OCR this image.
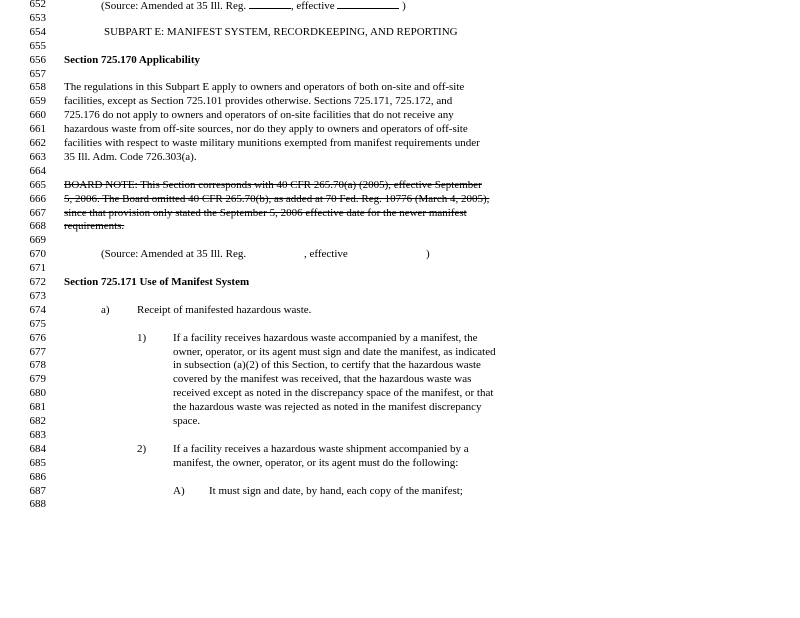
652
653
654
655
656
657
658
659
660
661
662
663
664
665
666
667
668
669
670
671
672
673
674
675
676
677
678
679
680
681
682
683
684
685
686
687
688
(Source: Amended at 35 Ill. Reg.	, effective	)
SUBPART E: MANIFEST SYSTEM, RECORDKEEPING, AND REPORTING
Section 725.170 Applicability
The regulations in this Subpart E apply to owners and operators of both on-site and off-site
facilities, except as Section 725.101 provides otherwise. Sections 725.171, 725.172, and
725.176 do not apply to owners and operators of on-site facilities that do not receive any
hazardous waste from off-site sources, nor do they apply to owners and operators of off-site
facilities with respect to waste military munitions exempted from manifest requirements under
35 Ill. Adm. Code 726.303(a).
BOARD NOTE: This Section corresponds with 40 CFR 265.70(a) (2005), effective September
5, 2006. The Board omitted 40 CFR 265.70(b), as added at 70 Fed. Reg. 10776 (March 4, 2005),
since that provision only stated the September 5, 2006 effective date for the newer manifest
requirements.
(Source: Amended at 35 Ill. Reg.	, effective	)
Section 725.171 Use of Manifest System
a) Receipt of manifested hazardous waste.
1) If a facility receives hazardous waste accompanied by a manifest, the
owner, operator, or its agent must sign and date the manifest, as indicated
in subsection (a)(2) of this Section, to certify that the hazardous waste
covered by the manifest was received, that the hazardous waste was
received except as noted in the discrepancy space of the manifest, or that
the hazardous waste was rejected as noted in the manifest discrepancy
space.
2) If a facility receives a hazardous waste shipment accompanied by a
manifest, the owner, operator, or its agent must do the following:
A) It must sign and date, by hand, each copy of the manifest;
